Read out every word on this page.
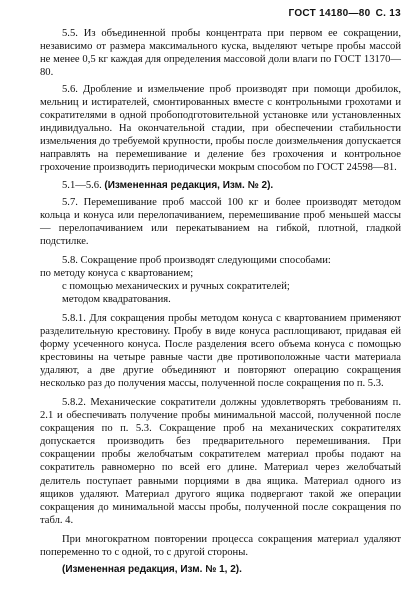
ГОСТ 14180—80 С. 13

5.5. Из объединенной пробы концентрата при первом ее сокращении, независимо от размера максимального куска, выделяют четыре пробы массой не менее 0,5 кг каждая для определения массовой доли влаги по ГОСТ 13170—80.

5.6. Дробление и измельчение проб производят при помощи дробилок, мельниц и истирателей, смонтированных вместе с контрольными грохотами и сократителями в одной пробоподготовительной установке или установленных индивидуально. На окончательной стадии, при обеспечении стабильности измельчения до требуемой крупности, пробы после доизмельчения допускается направлять на перемешивание и деление без грохочения и контрольное грохочение производить периодически мокрым способом по ГОСТ 24598—81.

5.1—5.6. (Измененная редакция, Изм. № 2).

5.7. Перемешивание проб массой 100 кг и более производят методом кольца и конуса или перелопачиванием, перемешивание проб меньшей массы — перелопачиванием или перекатыванием на гибкой, плотной, гладкой подстилке.

5.8. Сокращение проб производят следующими способами:

по методу конуса с квартованием;
с помощью механических и ручных сократителей;
методом квадратования.

5.8.1. Для сокращения пробы методом конуса с квартованием применяют разделительную крестовину. Пробу в виде конуса расплощивают, придавая ей форму усеченного конуса. После разделения всего объема конуса с помощью крестовины на четыре равные части две противоположные части материала удаляют, а две другие объединяют и повторяют операцию сокращения несколько раз до получения массы, полученной после сокращения по п. 5.3.

5.8.2. Механические сократители должны удовлетворять требованиям п. 2.1 и обеспечивать получение пробы минимальной массой, полученной после сокращения по п. 5.3. Сокращение проб на механических сократителях допускается производить без предварительного перемешивания. При сокращении пробы желобчатым сократителем материал пробы подают на сократитель равномерно по всей его длине. Материал через желобчатый делитель поступает равными порциями в два ящика. Материал одного из ящиков удаляют. Материал другого ящика подвергают такой же операции сокращения до минимальной массы пробы, полученной после сокращения по табл. 4.

При многократном повторении процесса сокращения материал удаляют попеременно то с одной, то с другой стороны.

(Измененная редакция, Изм. № 1, 2).
